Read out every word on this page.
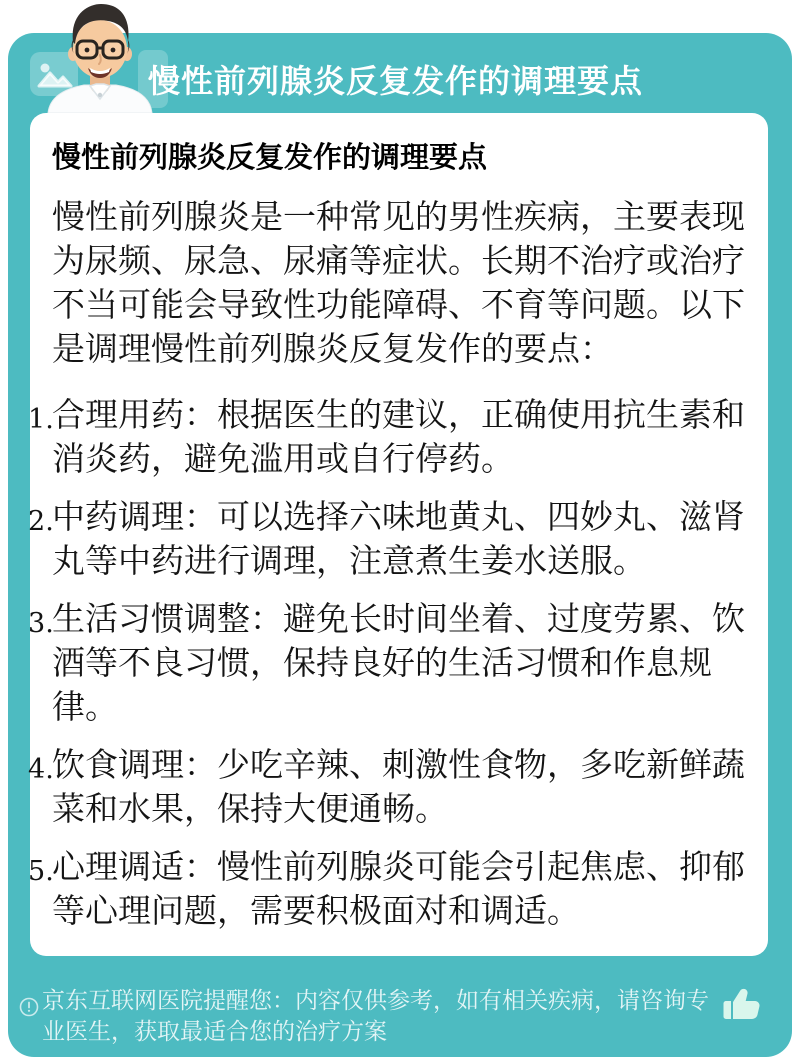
慢性前列腺炎反复发作的调理要点
慢性前列腺炎反复发作的调理要点

慢性前列腺炎是一种常见的男性疾病，主要表现为尿频、尿急、尿痛等症状。长期不治疗或治疗不当可能会导致性功能障碍、不育等问题。以下是调理慢性前列腺炎反复发作的要点：

合理用药：根据医生的建议，正确使用抗生素和消炎药，避免滥用或自行停药。
中药调理：可以选择六味地黄丸、四妙丸、滋肾丸等中药进行调理，注意煮生姜水送服。
生活习惯调整：避免长时间坐着、过度劳累、饮酒等不良习惯，保持良好的生活习惯和作息规律。
饮食调理：少吃辛辣、刺激性食物，多吃新鲜蔬菜和水果，保持大便通畅。
心理调适：慢性前列腺炎可能会引起焦虑、抑郁等心理问题，需要积极面对和调适。
京东互联网医院提醒您：内容仅供参考，如有相关疾病，请咨询专业医生，获取最适合您的治疗方案
